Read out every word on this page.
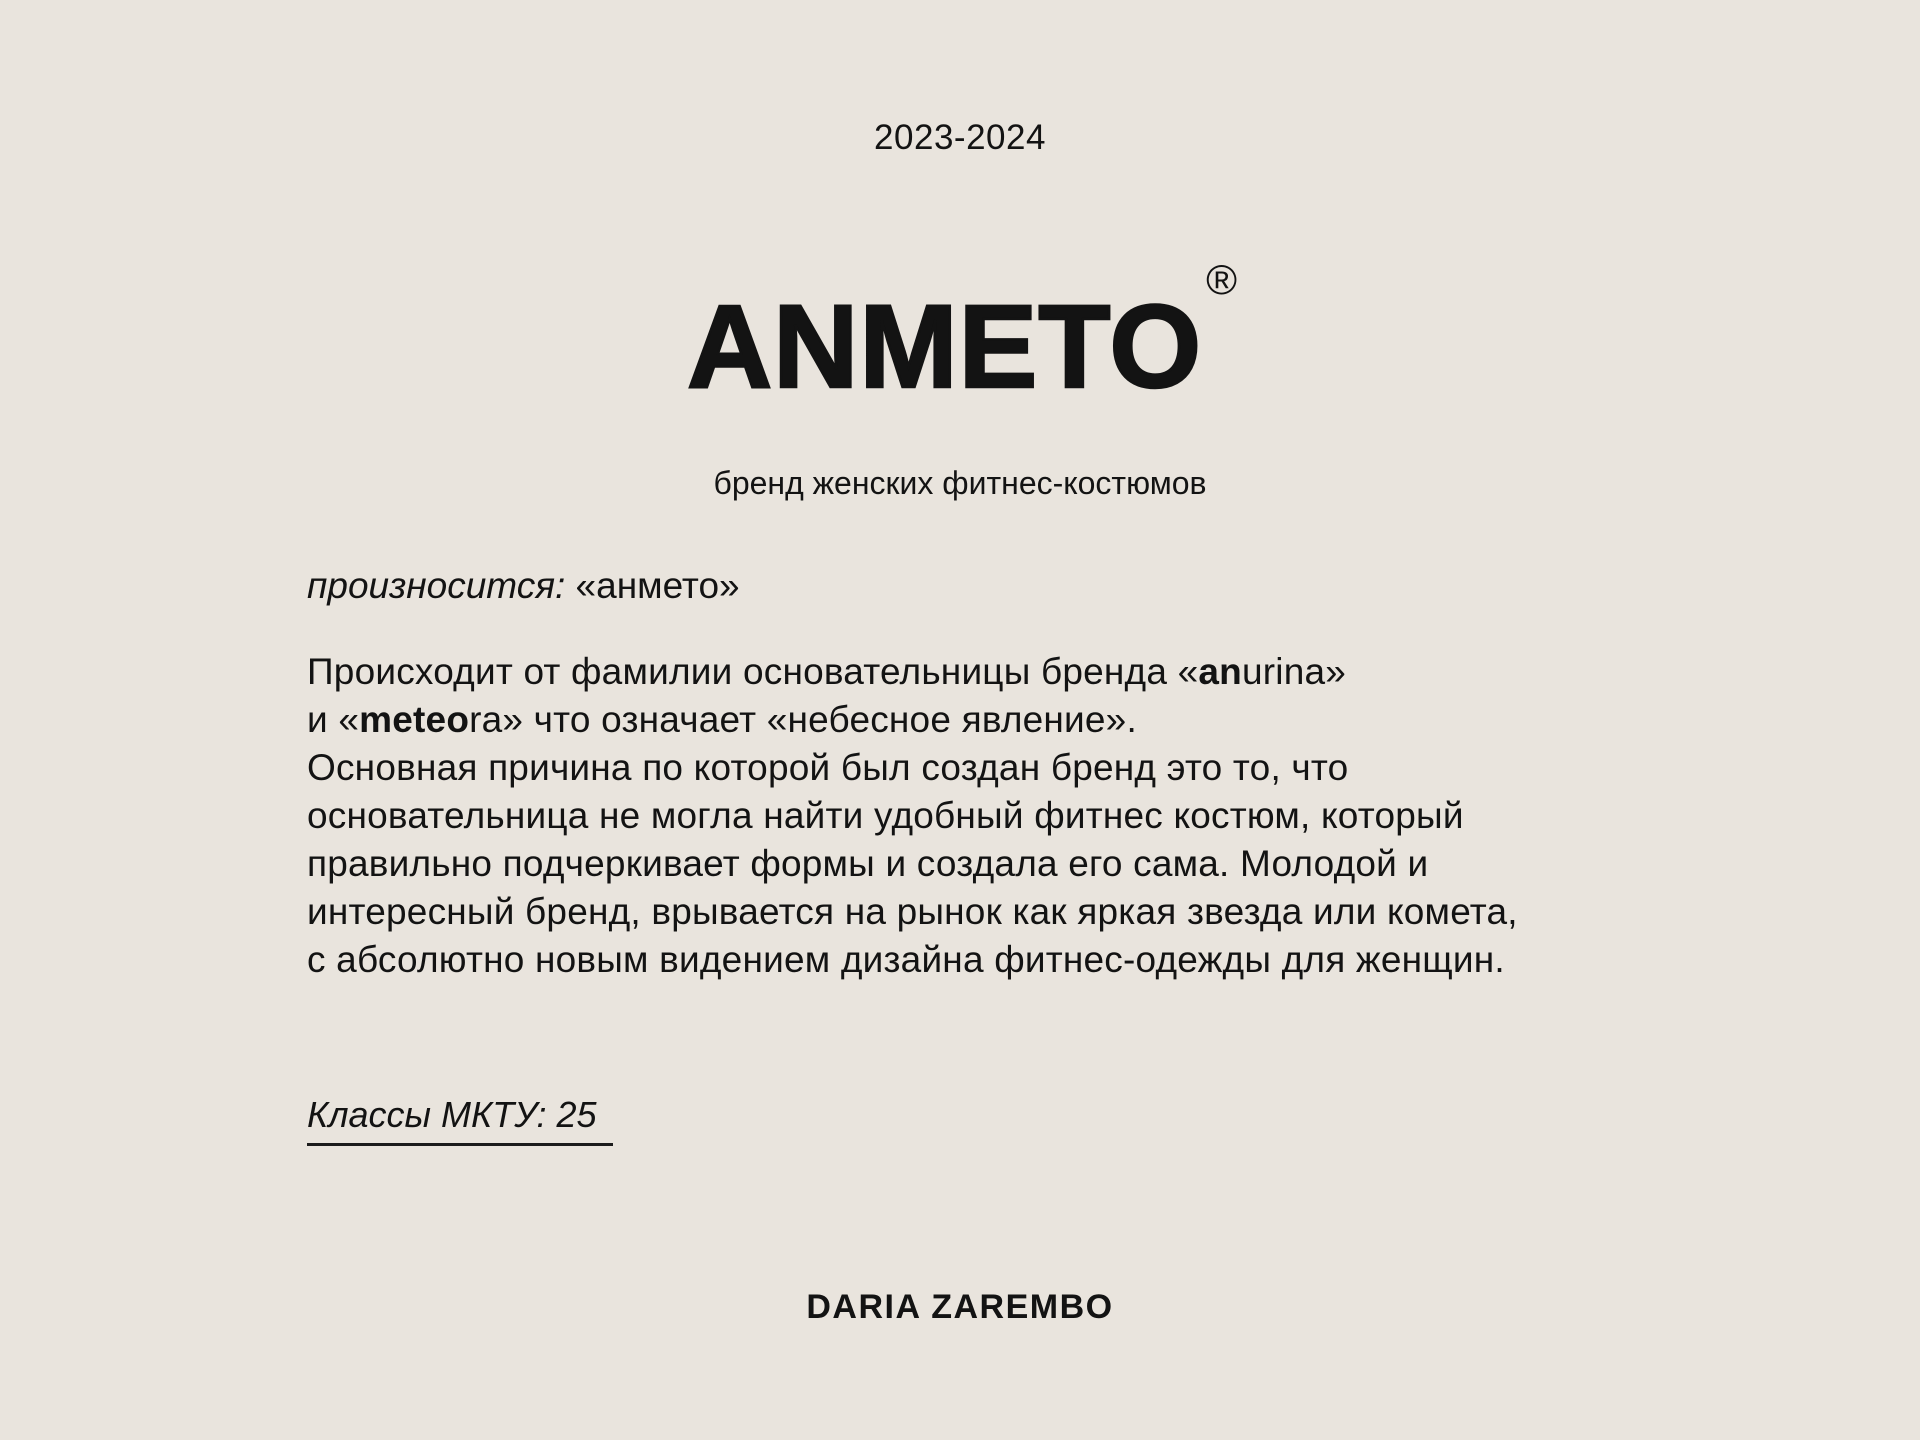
2023-2024
ANMETO®
бренд женских фитнес-костюмов
произносится: «анмето»
Происходит от фамилии основательницы бренда «anurina»
и «meteora» что означает «небесное явление».
Основная причина по которой был создан бренд это то, что
основательница не могла найти удобный фитнес костюм, который
правильно подчеркивает формы и создала его сама. Молодой и
интересный бренд, врывается на рынок как яркая звезда или комета,
с абсолютно новым видением дизайна фитнес-одежды для женщин.
Классы МКТУ: 25
DARIA ZAREMBO
